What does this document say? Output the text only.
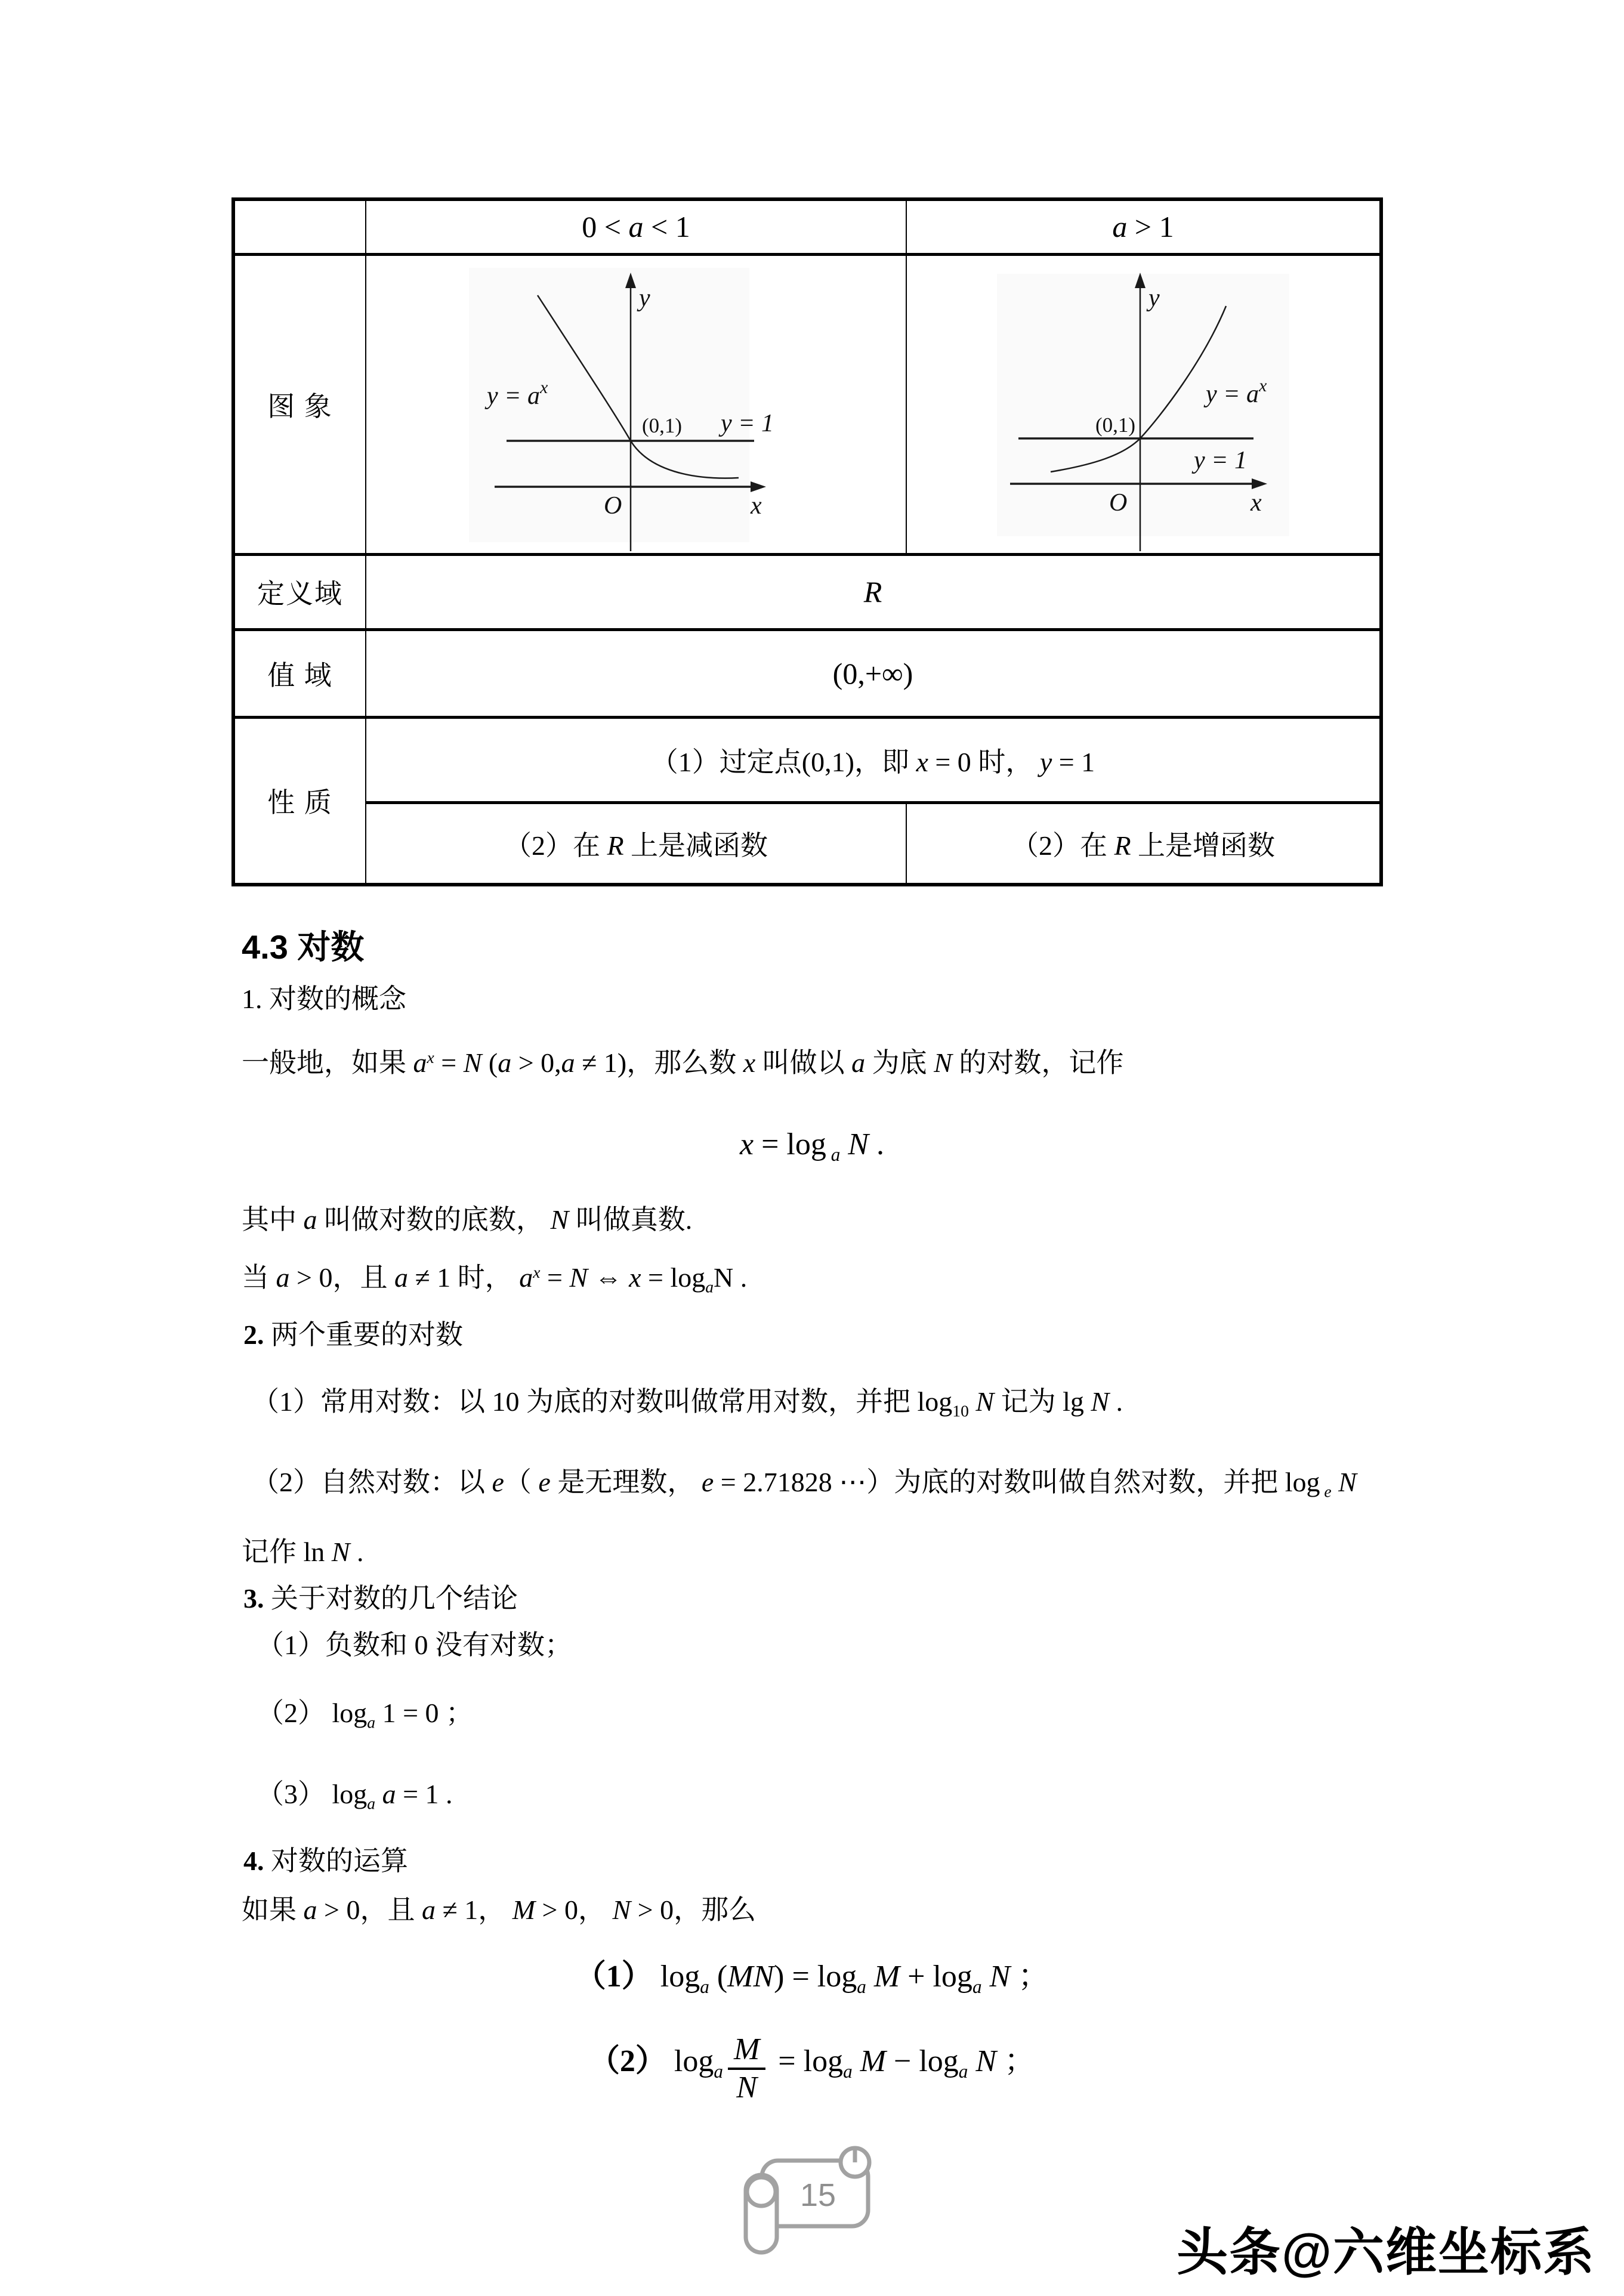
	0 < a < 1	a > 1
图 象	
y
x
O
$y = a^x$
(0,1) y = 1

y
x
O
$y = a^x$
(0,1)
y = 1

定义域	R	
值 域	(0,+∞)	
性 质	（1）过定点(0,1)，即 x = 0 时， y = 1	
	（2）在 R 上是减函数	（2）在 R 上是增函数
4.3 对数
1. 对数的概念
一般地，如果 $a^x = N$ (a > 0,a ≠ 1)，那么数 x 叫做以 a 为底 N 的对数，记作
x = log $_a$ N .
其中 a 叫做对数的底数， N 叫做真数.
当 a > 0，且 a ≠ 1 时， $a^x = N$ ⇔ $x = \log_aN$ .
2. 两个重要的对数
（1）常用对数：以 10 为底的对数叫做常用对数，并把 $\log_{10} N$ 记为 lg N .
（2）自然对数：以 e（ e 是无理数， e = 2.71828 ⋯）为底的对数叫做自然对数，并把 log $_e$ N
记作 ln N .
3. 关于对数的几个结论
（1）负数和 0 没有对数；
（2） $\log_a 1 = 0$ ；
（3） $\log_a a = 1$ .
4. 对数的运算
如果 a > 0，且 a ≠ 1， M > 0， N > 0，那么
（1） $\log_a (MN) = \log_a M + \log_a N$ ；
（2） $\log_a \frac{M}{N} = \log_a M - \log_a N$ ；
15
头条@六维坐标系
